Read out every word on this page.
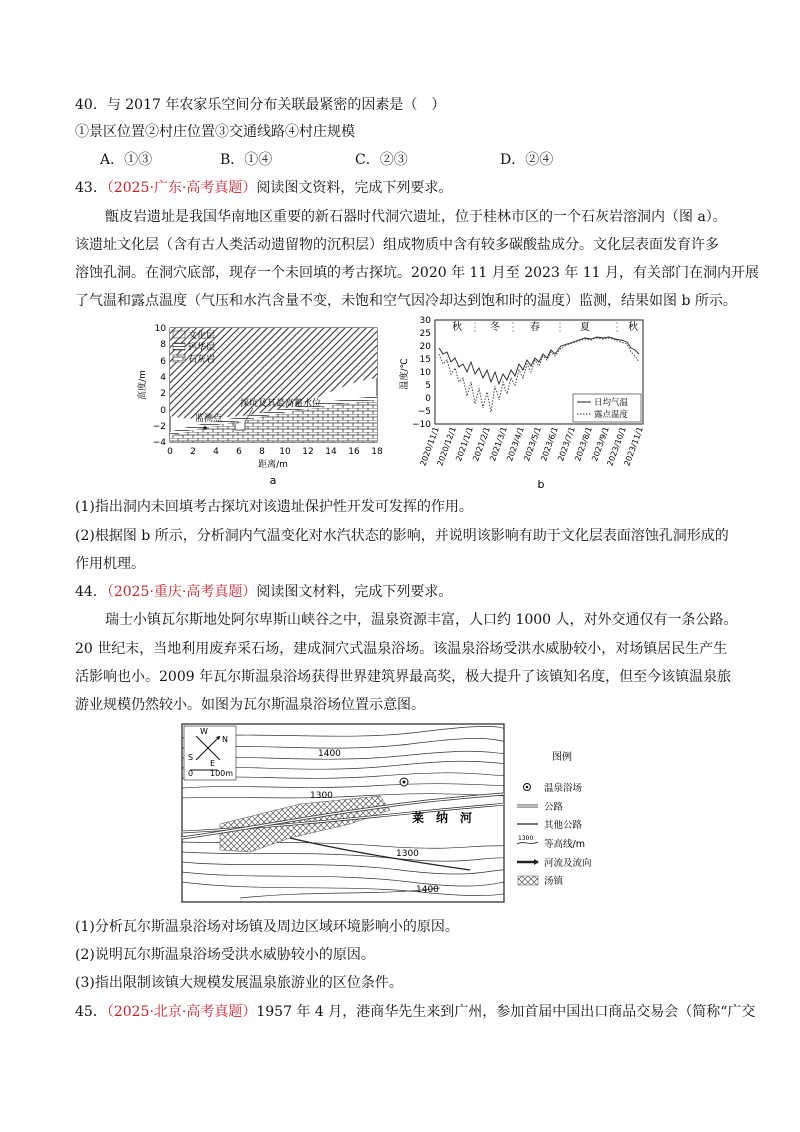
40．与 2017 年农家乐空间分布关联最紧密的因素是（　）
①景区位置②村庄位置③交通线路④村庄规模
A．①③	B．①④	C．②③	D．②④
43．（2025·广东·高考真题）阅读图文资料，完成下列要求。
甑皮岩遗址是我国华南地区重要的新石器时代洞穴遗址，位于桂林市区的一个石灰岩溶洞内（图 a）。
该遗址文化层（含有古人类活动遗留物的沉积层）组成物质中含有较多碳酸盐成分。文化层表面发育许多
溶蚀孔洞。在洞穴底部，现存一个未回填的考古探坑。2020 年 11 月至 2023 年 11 月，有关部门在洞内开展
了气温和露点温度（气压和水汽含量不变，未饱和空气因冷却达到饱和时的温度）监测，结果如图 b 所示。
文化层
钙华层
石灰岩
探坑及其最高蓄水位
监测点
10
8
6
4
2
0
−2
−4
高度/m
0 2 4 6 8 10 12 14 16 18
距离/m
a
30
25
20
15
10
5
0
−5
−10
温度/℃
秋	冬	春	夏	秋
日均气温
露点温度
2020/11/1
2020/12/1
2021/1/1
2021/2/1
2021/3/1
2023/4/1
2023/5/1
2023/6/1
2023/7/1
2023/8/1
2023/9/1
2023/10/1
2023/11/1
b
(1)指出洞内未回填考古探坑对该遗址保护性开发可发挥的作用。
(2)根据图 b 所示，分析洞内气温变化对水汽状态的影响，并说明该影响有助于文化层表面溶蚀孔洞形成的
作用机理。
44．（2025·重庆·高考真题）阅读图文材料，完成下列要求。
瑞士小镇瓦尔斯地处阿尔卑斯山峡谷之中，温泉资源丰富，人口约 1000 人，对外交通仅有一条公路。
20 世纪末，当地利用废弃采石场，建成洞穴式温泉浴场。该温泉浴场受洪水威胁较小，对场镇居民生产生
活影响也小。2009 年瓦尔斯温泉浴场获得世界建筑界最高奖，极大提升了该镇知名度，但至今该镇温泉旅
游业规模仍然较小。如图为瓦尔斯温泉浴场位置示意图。
W
N
S
E
0 100m
1400
1300
1300
1400
莱　纳　河
图例
温泉浴场
公路
其他公路
1300
等高线/m
河流及流向
汤镇
(1)分析瓦尔斯温泉浴场对场镇及周边区域环境影响小的原因。
(2)说明瓦尔斯温泉浴场受洪水威胁较小的原因。
(3)指出限制该镇大规模发展温泉旅游业的区位条件。
45．（2025·北京·高考真题）1957 年 4 月，港商华先生来到广州，参加首届中国出口商品交易会（简称“广交
